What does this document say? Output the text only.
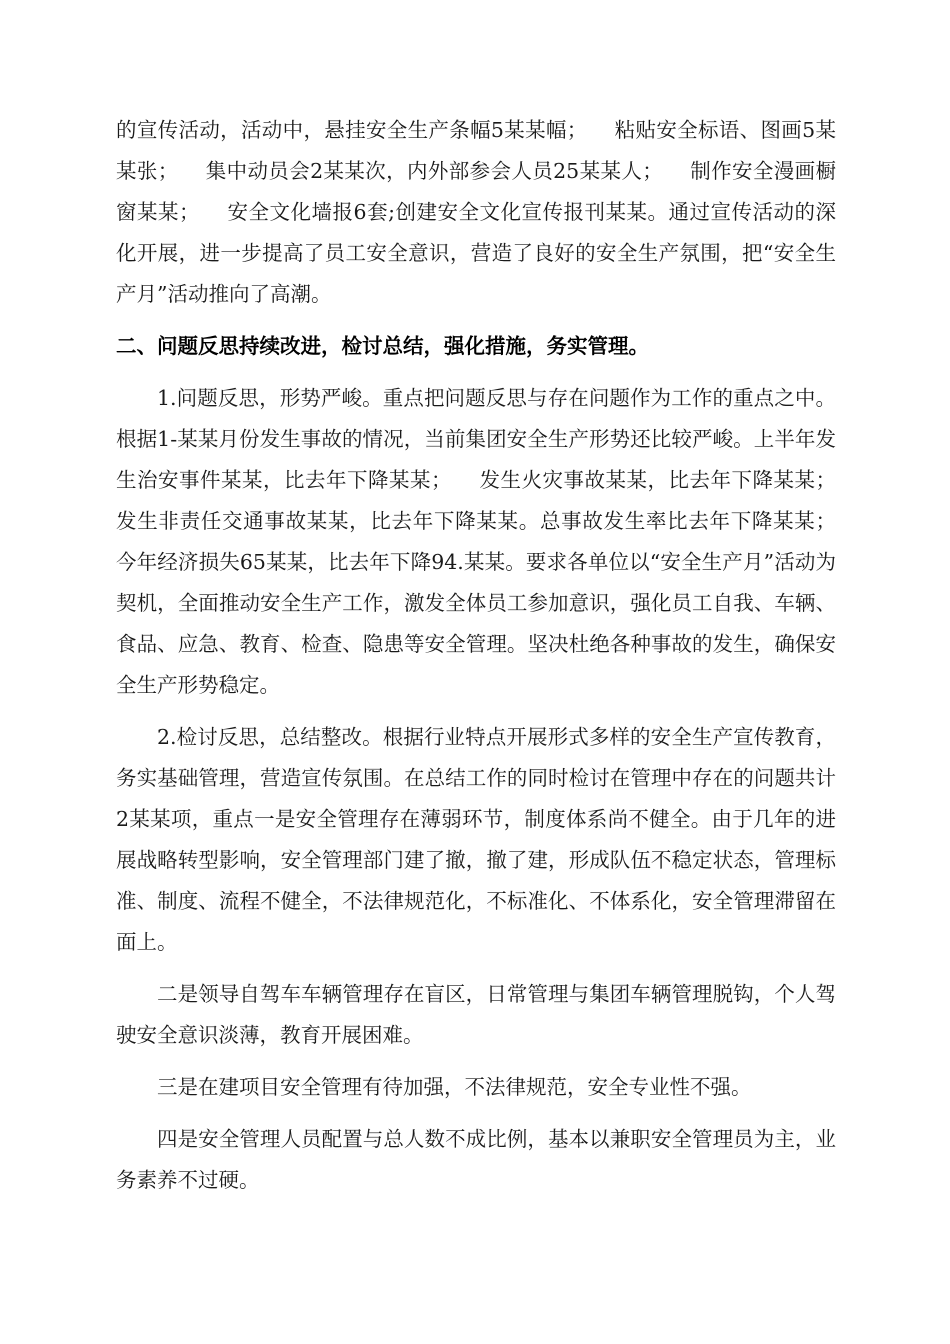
的宣传活动，活动中，悬挂安全生产条幅5某某幅；    粘贴安全标语、图画5某某张；    集中动员会2某某次，内外部参会人员25某某人；    制作安全漫画橱窗某某；    安全文化墙报6套;创建安全文化宣传报刊某某。通过宣传活动的深化开展，进一步提高了员工安全意识，营造了良好的安全生产氛围，把“安全生产月”活动推向了高潮。

二、问题反思持续改进，检讨总结，强化措施，务实管理。

1.问题反思，形势严峻。重点把问题反思与存在问题作为工作的重点之中。根据1-某某月份发生事故的情况，当前集团安全生产形势还比较严峻。上半年发生治安事件某某，比去年下降某某；    发生火灾事故某某，比去年下降某某；    发生非责任交通事故某某，比去年下降某某。总事故发生率比去年下降某某；    今年经济损失65某某，比去年下降94.某某。要求各单位以“安全生产月”活动为契机，全面推动安全生产工作，激发全体员工参加意识，强化员工自我、车辆、食品、应急、教育、检查、隐患等安全管理。坚决杜绝各种事故的发生，确保安全生产形势稳定。

2.检讨反思，总结整改。根据行业特点开展形式多样的安全生产宣传教育，务实基础管理，营造宣传氛围。在总结工作的同时检讨在管理中存在的问题共计2某某项，重点一是安全管理存在薄弱环节，制度体系尚不健全。由于几年的进展战略转型影响，安全管理部门建了撤，撤了建，形成队伍不稳定状态，管理标准、制度、流程不健全，不法律规范化，不标准化、不体系化，安全管理滞留在面上。

二是领导自驾车车辆管理存在盲区，日常管理与集团车辆管理脱钩，个人驾驶安全意识淡薄，教育开展困难。

三是在建项目安全管理有待加强，不法律规范，安全专业性不强。

四是安全管理人员配置与总人数不成比例，基本以兼职安全管理员为主，业务素养不过硬。
